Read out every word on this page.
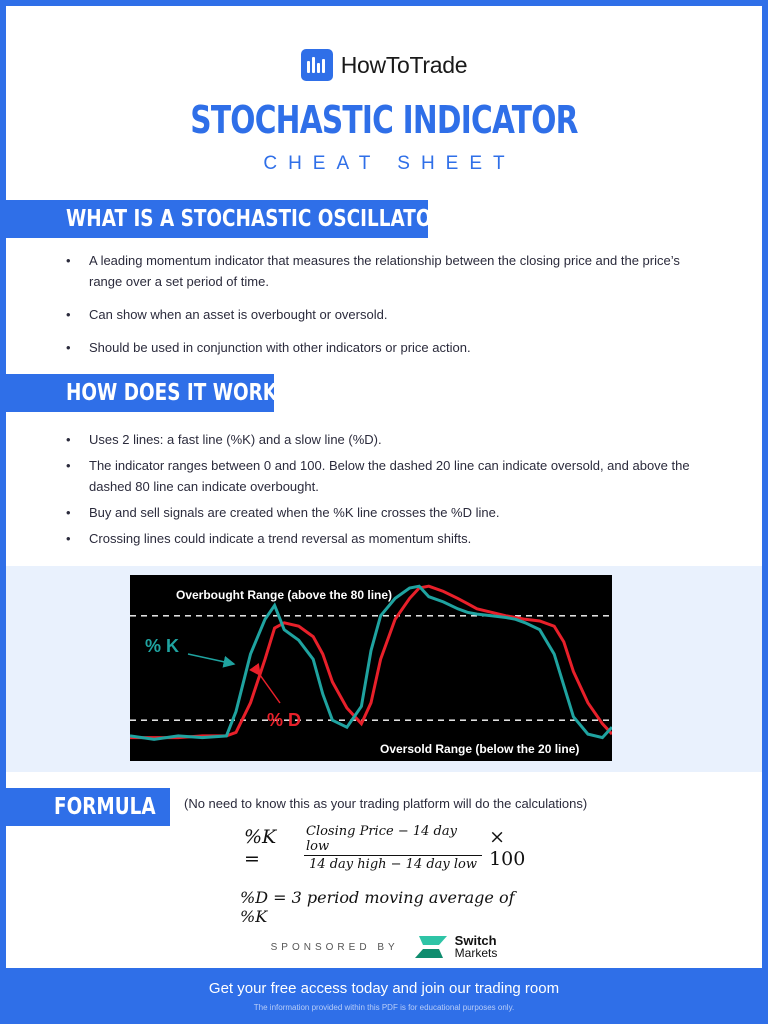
HowToTrade
STOCHASTIC INDICATOR
CHEAT SHEET
WHAT IS A STOCHASTIC OSCILLATOR?
• A leading momentum indicator that measures the relationship between the closing price and the price’s range over a set period of time.
• Can show when an asset is overbought or oversold.
• Should be used in conjunction with other indicators or price action.
HOW DOES IT WORK?
• Uses 2 lines: a fast line (%K) and a slow line (%D).
• The indicator ranges between 0 and 100. Below the dashed 20 line can indicate oversold, and above the dashed 80 line can indicate overbought.
• Buy and sell signals are created when the %K line crosses the %D line.
• Crossing lines could indicate a trend reversal as momentum shifts.
Overbought Range (above the 80 line)
Oversold Range (below the 20 line)
% K
% D
FORMULA (No need to know this as your trading platform will do the calculations)
%K =	$\frac{\text{Closing Price − 14 day low}}{\text{14 day high − 14 day low}} \times 100$
%D = 3 period moving average of %K
SPONSORED BY	Switch
Markets
Get your free access today and join our trading room
The information provided within this PDF is for educational purposes only.
